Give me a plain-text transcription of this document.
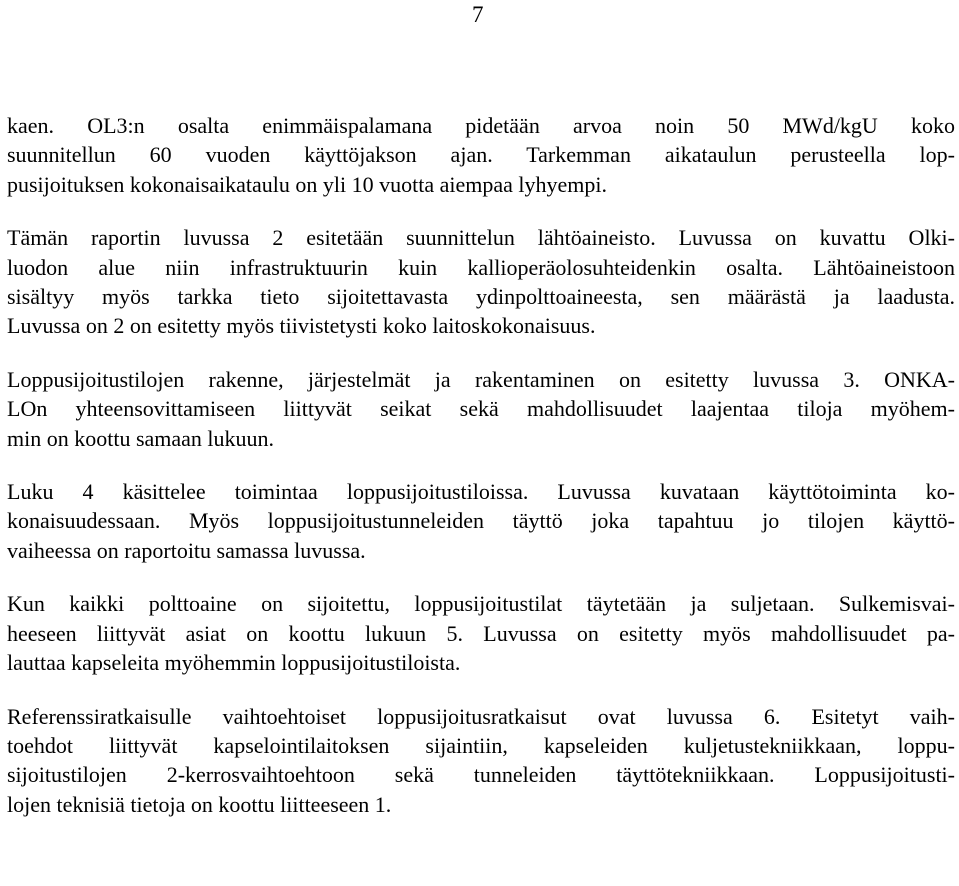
7

kaen. OL3:n osalta enimmäispalamana pidetään arvoa noin 50 MWd/kgU koko
suunnitellun 60 vuoden käyttöjakson ajan. Tarkemman aikataulun perusteella lop-
pusijoituksen kokonaisaikataulu on yli 10 vuotta aiempaa lyhyempi.

Tämän raportin luvussa 2 esitetään suunnittelun lähtöaineisto. Luvussa on kuvattu Olki-
luodon alue niin infrastruktuurin kuin kallioperäolosuhteidenkin osalta. Lähtöaineistoon
sisältyy myös tarkka tieto sijoitettavasta ydinpolttoaineesta, sen määrästä ja laadusta.
Luvussa on 2 on esitetty myös tiivistetysti koko laitoskokonaisuus.

Loppusijoitustilojen rakenne, järjestelmät ja rakentaminen on esitetty luvussa 3. ONKA-
LOn yhteensovittamiseen liittyvät seikat sekä mahdollisuudet laajentaa tiloja myöhem-
min on koottu samaan lukuun.

Luku 4 käsittelee toimintaa loppusijoitustiloissa. Luvussa kuvataan käyttötoiminta ko-
konaisuudessaan. Myös loppusijoitustunneleiden täyttö joka tapahtuu jo tilojen käyttö-
vaiheessa on raportoitu samassa luvussa.

Kun kaikki polttoaine on sijoitettu, loppusijoitustilat täytetään ja suljetaan. Sulkemisvai-
heeseen liittyvät asiat on koottu lukuun 5. Luvussa on esitetty myös mahdollisuudet pa-
lauttaa kapseleita myöhemmin loppusijoitustiloista.

Referenssiratkaisulle vaihtoehtoiset loppusijoitusratkaisut ovat luvussa 6. Esitetyt vaih-
toehdot liittyvät kapselointilaitoksen sijaintiin, kapseleiden kuljetustekniikkaan, loppu-
sijoitustilojen 2-kerrosvaihtoehtoon sekä tunneleiden täyttötekniikkaan. Loppusijoitusti-
lojen teknisiä tietoja on koottu liitteeseen 1.
